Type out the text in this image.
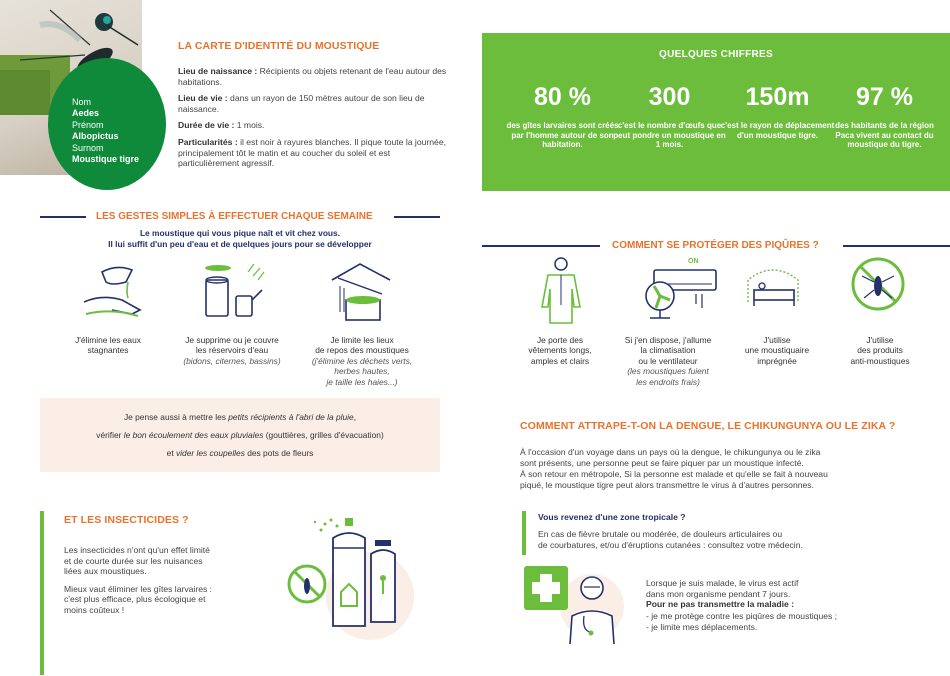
Nom
Aedes
Prénom
Albopictus
Surnom
Moustique tigre
LA CARTE D'IDENTITÉ DU MOUSTIQUE

Lieu de naissance : Récipients ou objets retenant de l'eau autour des habitations.

Lieu de vie : dans un rayon de 150 mètres autour de son lieu de naissance.

Durée de vie : 1 mois.

Particularités : il est noir à rayures blanches. Il pique toute la journée, principalement tôt le matin et au coucher du soleil et est particulièrement agressif.

QUELQUES CHIFFRES
80 %
des gîtes larvaires sont créés par l'homme autour de son habitation.
300
c'est le nombre d'œufs que peut pondre un moustique en 1 mois.
150m
c'est le rayon de déplacement d'un moustique tigre.
97 %
des habitants de la région Paca vivent au contact du moustique du tigre.
LES GESTES SIMPLES À EFFECTUER CHAQUE SEMAINE
Le moustique qui vous pique naît et vit chez vous.
Il lui suffit d'un peu d'eau et de quelques jours pour se développer
J'élimine les eaux
stagnantes
Je supprime ou je couvre
les réservoirs d'eau
(bidons, citernes, bassins)
Je limite les lieux
de repos des moustiques
(j'élimine les déchets verts,
herbes hautes,
je taille les haies...)

Je pense aussi à mettre les petits récipients à l'abri de la pluie,

vérifier le bon écoulement des eaux pluviales (gouttières, grilles d'évacuation)

et vider les coupelles des pots de fleurs

COMMENT SE PROTÉGER DES PIQÛRES ?
ON
Je porte des
vêtements longs,
amples et clairs
Si j'en dispose, j'allume
la climatisation
ou le ventilateur
(les moustiques fuient
les endroits frais)
J'utilise
une moustiquaire
imprégnée
J'utilise
des produits
anti-moustiques
ET LES INSECTICIDES ?

Les insecticides n'ont qu'un effet limité
et de courte durée sur les nuisances
liées aux moustiques.

Mieux vaut éliminer les gîtes larvaires :
c'est plus efficace, plus écologique et
moins coûteux !

COMMENT ATTRAPE-T-ON LA DENGUE, LE CHIKUNGUNYA OU LE ZIKA ?
À l'occasion d'un voyage dans un pays où la dengue, le chikungunya ou le zika
sont présents, une personne peut se faire piquer par un moustique infecté.
À son retour en métropole, Si la personne est malade et qu'elle se fait à nouveau
piqué, le moustique tigre peut alors transmettre le virus à d'autres personnes.
Vous revenez d'une zone tropicale ?
En cas de fièvre brutale ou modérée, de douleurs articulaires ou
de courbatures, et/ou d'éruptions cutanées : consultez votre médecin.
Lorsque je suis malade, le virus est actif
dans mon organisme pendant 7 jours.
Pour ne pas transmettre la maladie :
- je me protège contre les piqûres de moustiques ;
- je limite mes déplacements.
